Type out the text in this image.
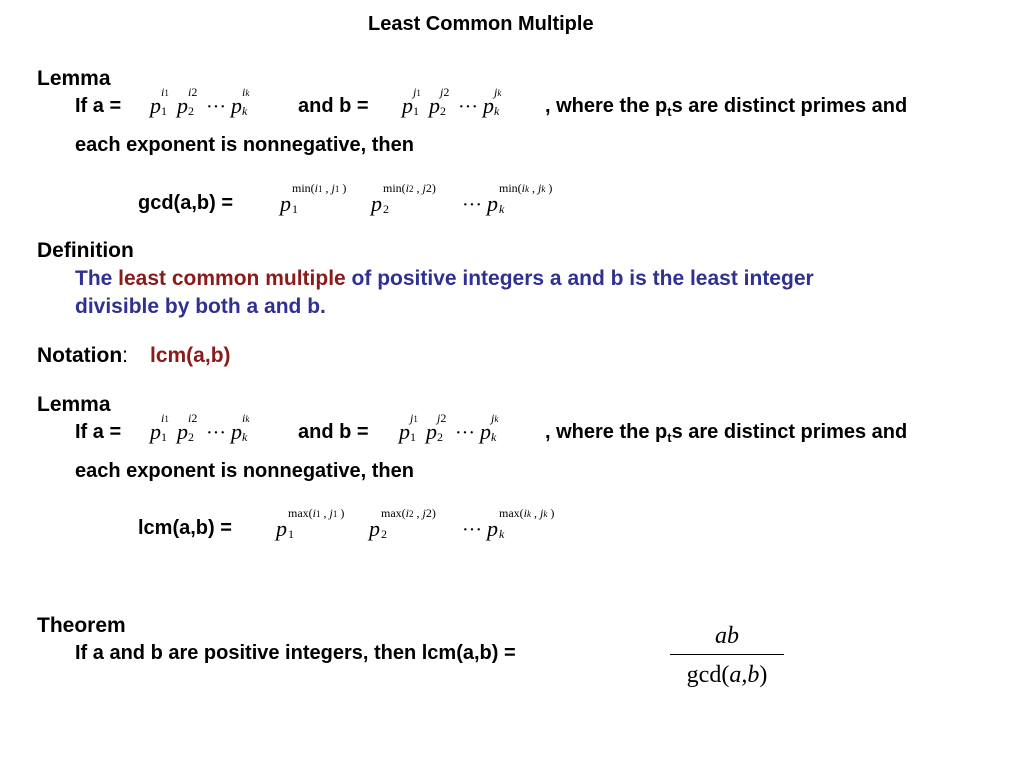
Least Common Multiple
Lemma
If a = p
i1
1
p
i2
2
··· p
ik
k
	and b = p
j1
1
p
j2
2
··· p
jk
k
, where the $p_ts$ are distinct primes and
each exponent is nonnegative, then
gcd(a,b) = p
min(i1 , j1 )
1	p
min(i2 , j2)
2	··· p
min(ik , jk )
k
Definition
The least common multiple of positive integers a and b is the least integer
divisible by both a and b.
Notation: lcm(a,b)
Lemma
If a = p
i1
1
p
i2
2
··· p
ik
k
	and b = p
j1
1
p
j2
2
··· p
jk
k
, where the $p_ts$ are distinct primes and
each exponent is nonnegative, then
lcm(a,b) = p
max(i1 , j1 )
1	p
max(i2 , j2)
2	··· p
max(ik , jk )
k
Theorem
If a and b are positive integers, then lcm(a,b) =	$\frac{ab}{\gcd(a,b)}$
